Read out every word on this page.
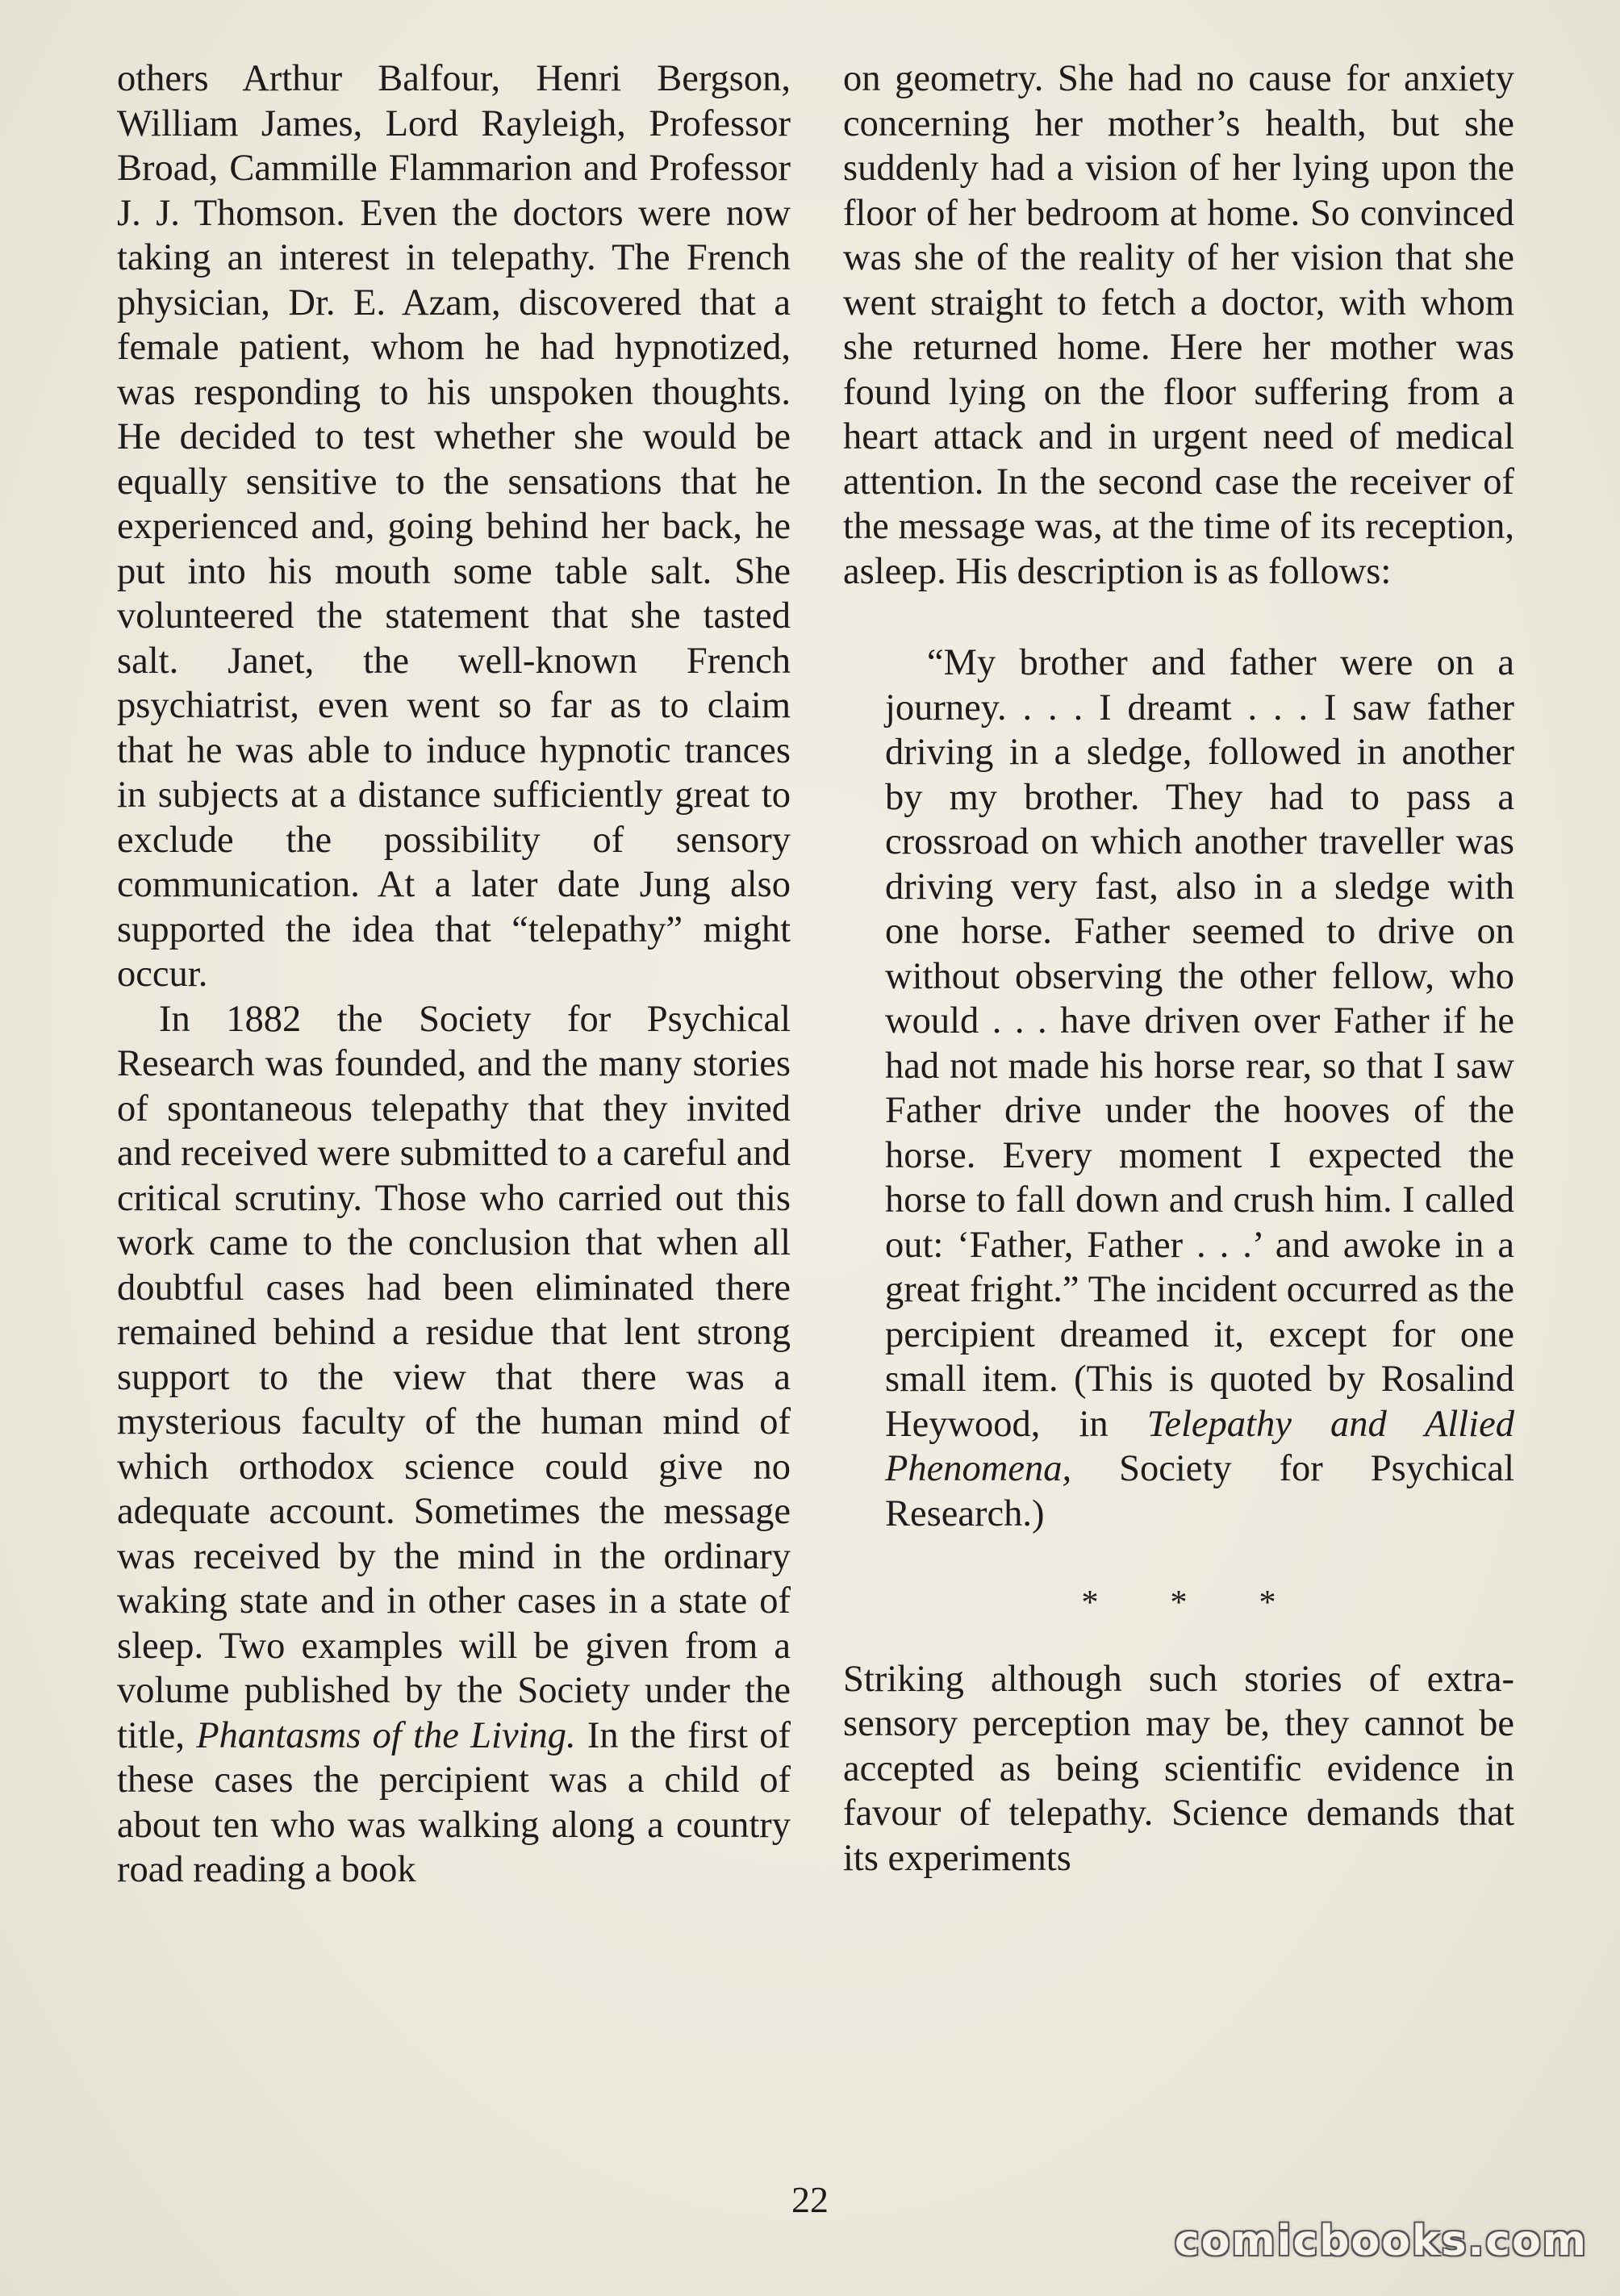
others Arthur Balfour, Henri Bergson, William James, Lord Rayleigh, Professor Broad, Cammille Flammarion and Professor J. J. Thomson. Even the doctors were now taking an interest in telepathy. The French physician, Dr. E. Azam, discovered that a female patient, whom he had hypnotized, was responding to his unspoken thoughts. He decided to test whether she would be equally sensitive to the sensations that he experienced and, going behind her back, he put into his mouth some table salt. She volunteered the statement that she tasted salt. Janet, the well-known French psychiatrist, even went so far as to claim that he was able to induce hypnotic trances in subjects at a distance sufficiently great to exclude the possibility of sensory communication. At a later date Jung also supported the idea that “telepathy” might occur.

In 1882 the Society for Psychical Research was founded, and the many stories of spontaneous telepathy that they invited and received were submitted to a careful and critical scrutiny. Those who carried out this work came to the conclusion that when all doubtful cases had been eliminated there remained behind a residue that lent strong support to the view that there was a mysterious faculty of the human mind of which orthodox science could give no adequate account. Sometimes the message was received by the mind in the ordinary waking state and in other cases in a state of sleep. Two examples will be given from a volume published by the Society under the title, Phantasms of the Living. In the first of these cases the percipient was a child of about ten who was walking along a country road reading a book

on geometry. She had no cause for anxiety concerning her mother’s health, but she suddenly had a vision of her lying upon the floor of her bedroom at home. So convinced was she of the reality of her vision that she went straight to fetch a doctor, with whom she returned home. Here her mother was found lying on the floor suffering from a heart attack and in urgent need of medical attention. In the second case the receiver of the message was, at the time of its reception, asleep. His description is as follows:

“My brother and father were on a journey. . . . I dreamt . . . I saw father driving in a sledge, followed in another by my brother. They had to pass a crossroad on which another traveller was driving very fast, also in a sledge with one horse. Father seemed to drive on without observing the other fellow, who would . . . have driven over Father if he had not made his horse rear, so that I saw Father drive under the hooves of the horse. Every moment I expected the horse to fall down and crush him. I called out: ‘Father, Father . . .’ and awoke in a great fright.” The incident occurred as the percipient dreamed it, except for one small item. (This is quoted by Rosalind Heywood, in Telepathy and Allied Phenomena, Society for Psychical Research.)

* * *

Striking although such stories of extra-sensory perception may be, they cannot be accepted as being scientific evidence in favour of telepathy. Science demands that its experiments

22
comicbooks.com
